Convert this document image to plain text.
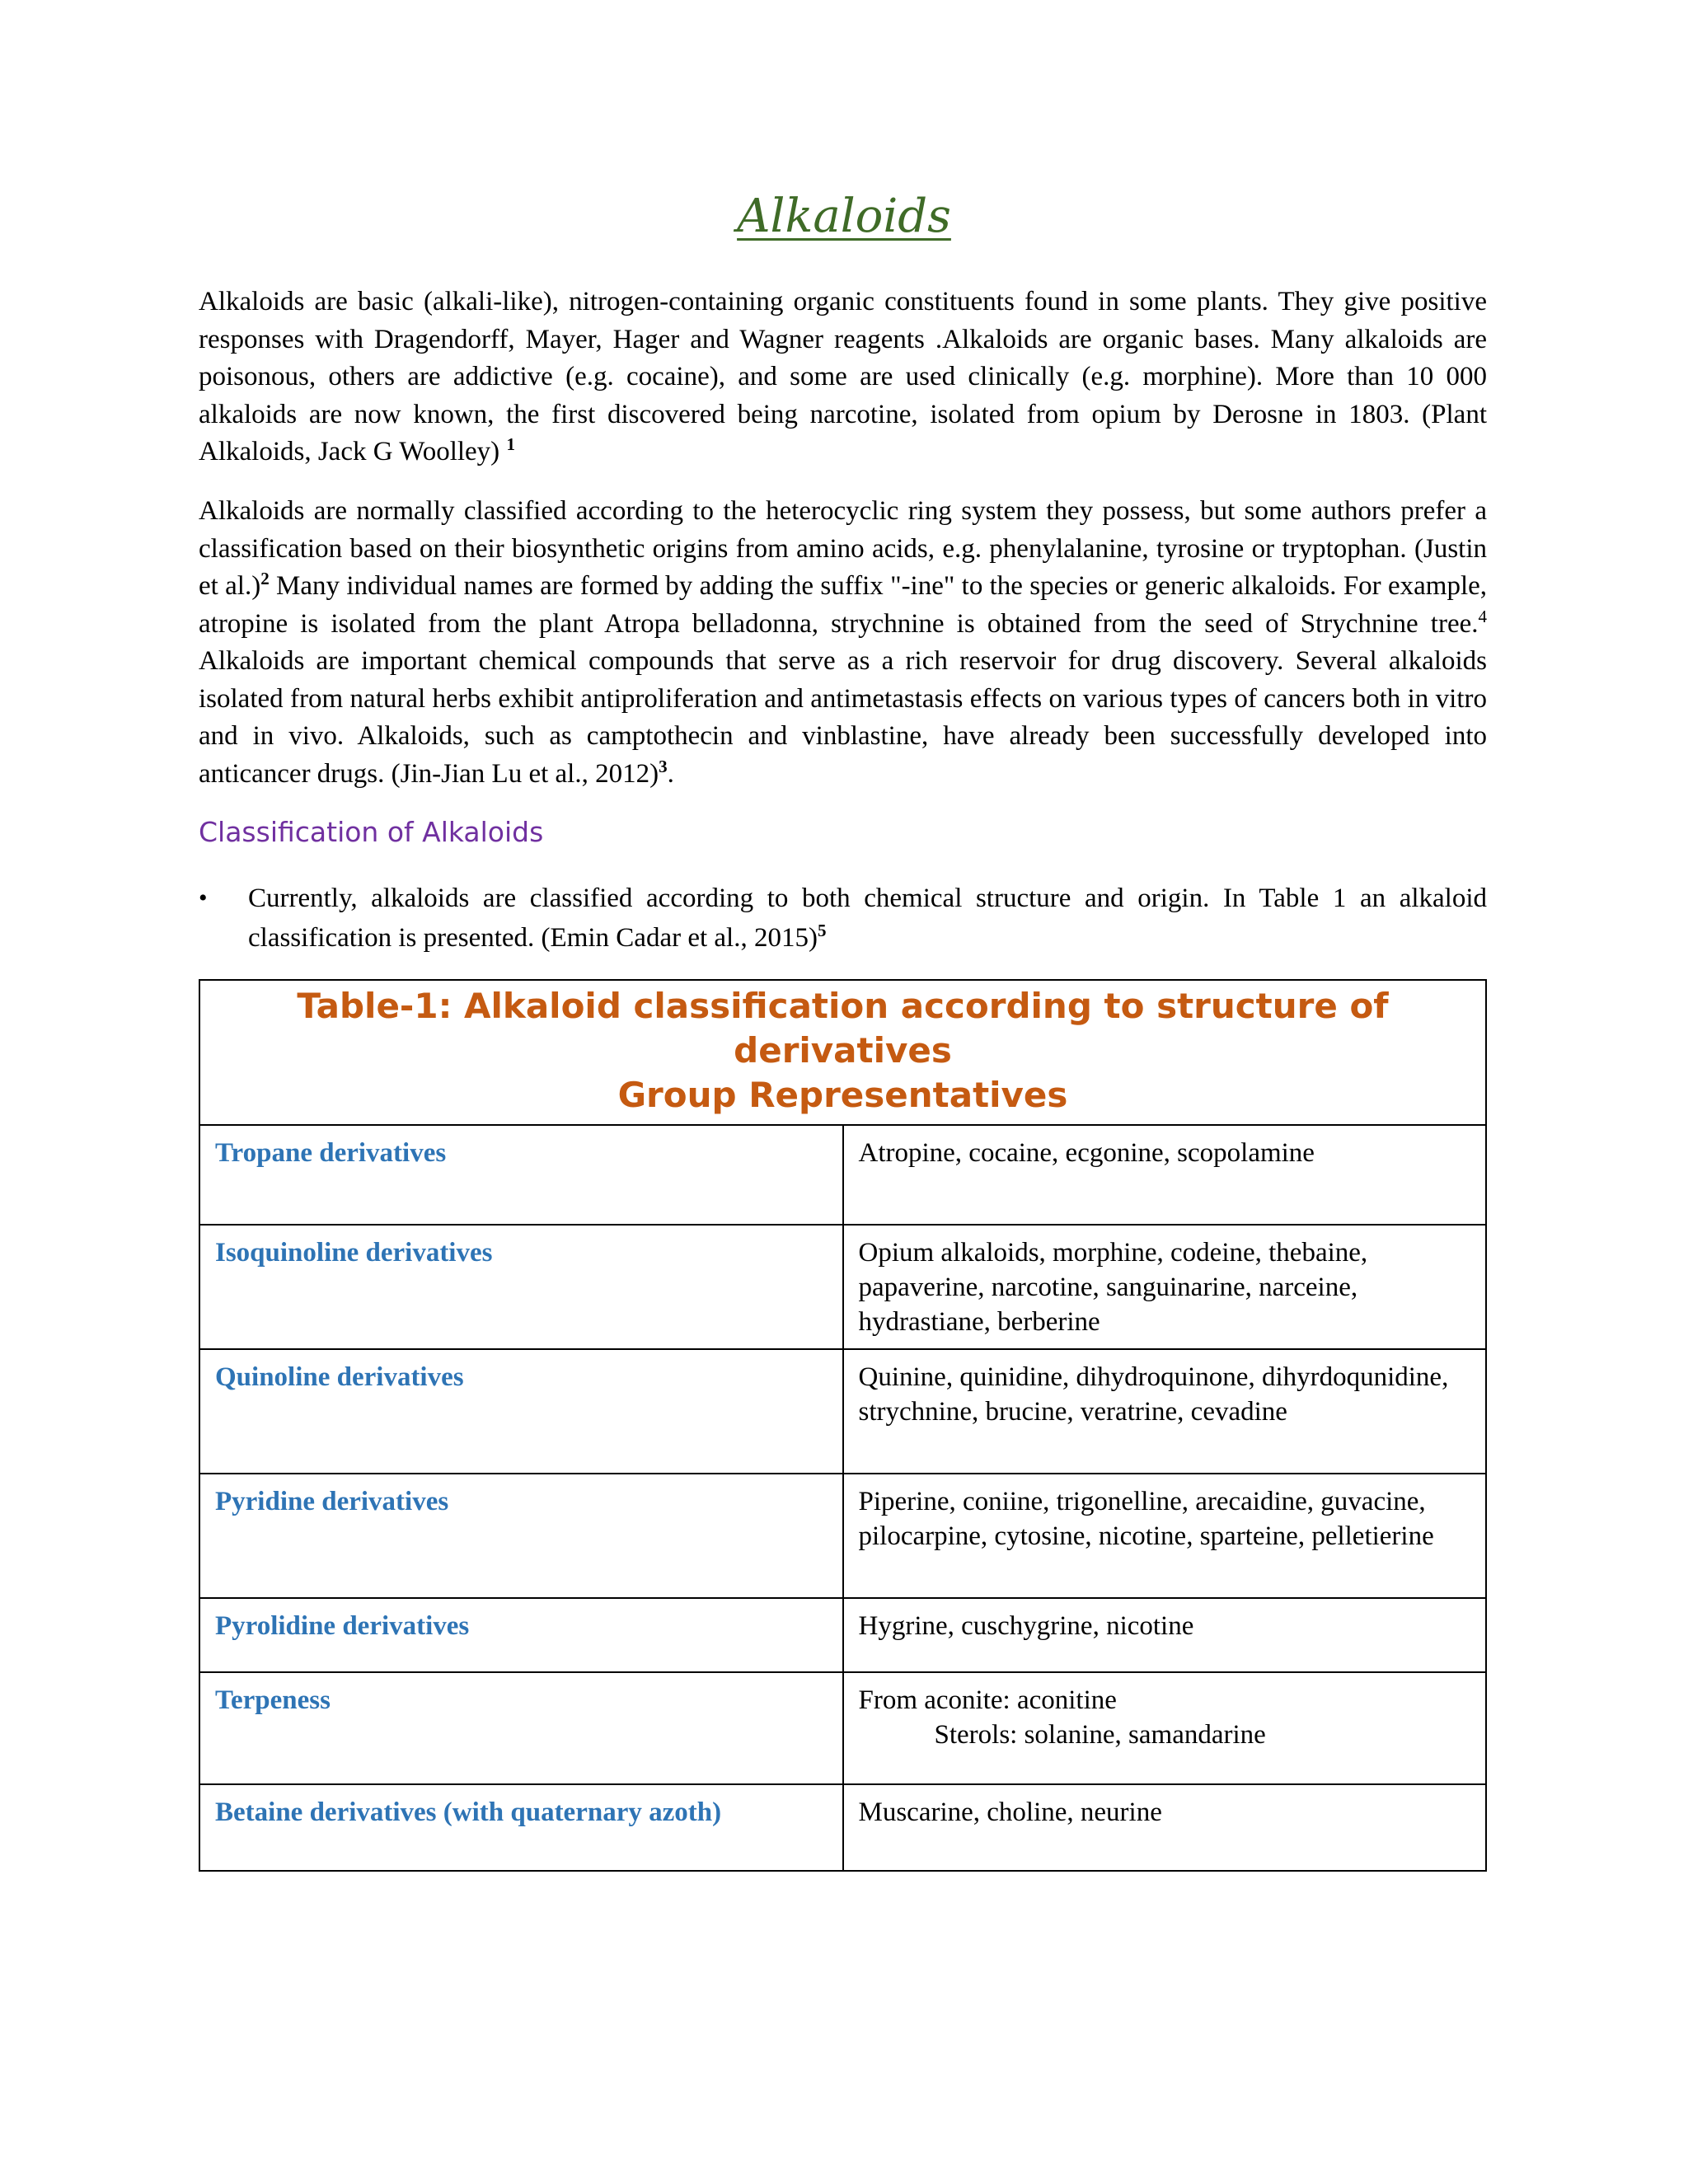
Alkaloids

Alkaloids are basic (alkali-like), nitrogen-containing organic constituents found in some plants. They give positive responses with Dragendorff, Mayer, Hager and Wagner reagents .Alkaloids are organic bases. Many alkaloids are poisonous, others are addictive (e.g. cocaine), and some are used clinically (e.g. morphine). More than 10 000 alkaloids are now known, the first discovered being narcotine, isolated from opium by Derosne in 1803. (Plant Alkaloids, Jack G Woolley) $^1$

Alkaloids are normally classified according to the heterocyclic ring system they possess, but some authors prefer a classification based on their biosynthetic origins from amino acids, e.g. phenylalanine, tyrosine or tryptophan. (Justin et al.)$^2$ Many individual names are formed by adding the suffix "-ine" to the species or generic alkaloids. For example, atropine is isolated from the plant Atropa belladonna, strychnine is obtained from the seed of Strychnine tree.$^4$ Alkaloids are important chemical compounds that serve as a rich reservoir for drug discovery. Several alkaloids isolated from natural herbs exhibit antiproliferation and antimetastasis effects on various types of cancers both in vitro and in vivo. Alkaloids, such as camptothecin and vinblastine, have already been successfully developed into anticancer drugs. (Jin-Jian Lu et al., 2012)$^3$.

Classification of Alkaloids
•	Currently, alkaloids are classified according to both chemical structure and origin. In Table 1 an alkaloid classification is presented. (Emin Cadar et al., 2015)$^5$
Table-1: Alkaloid classification according to structure of derivatives
Group Representatives	

Tropane derivatives	Atropine, cocaine, ecgonine, scopolamine
Isoquinoline derivatives	Opium alkaloids, morphine, codeine, thebaine, papaverine, narcotine, sanguinarine, narceine, hydrastiane, berberine
Quinoline derivatives	Quinine, quinidine, dihydroquinone, dihyrdoqunidine, strychnine, brucine, veratrine, cevadine
Pyridine derivatives	Piperine, coniine, trigonelline, arecaidine, guvacine, pilocarpine, cytosine, nicotine, sparteine, pelletierine
Pyrolidine derivatives	Hygrine, cuschygrine, nicotine
Terpeness	From aconite: aconitine
Sterols: solanine, samandarine

Betaine derivatives (with quaternary azoth)	Muscarine, choline, neurine
